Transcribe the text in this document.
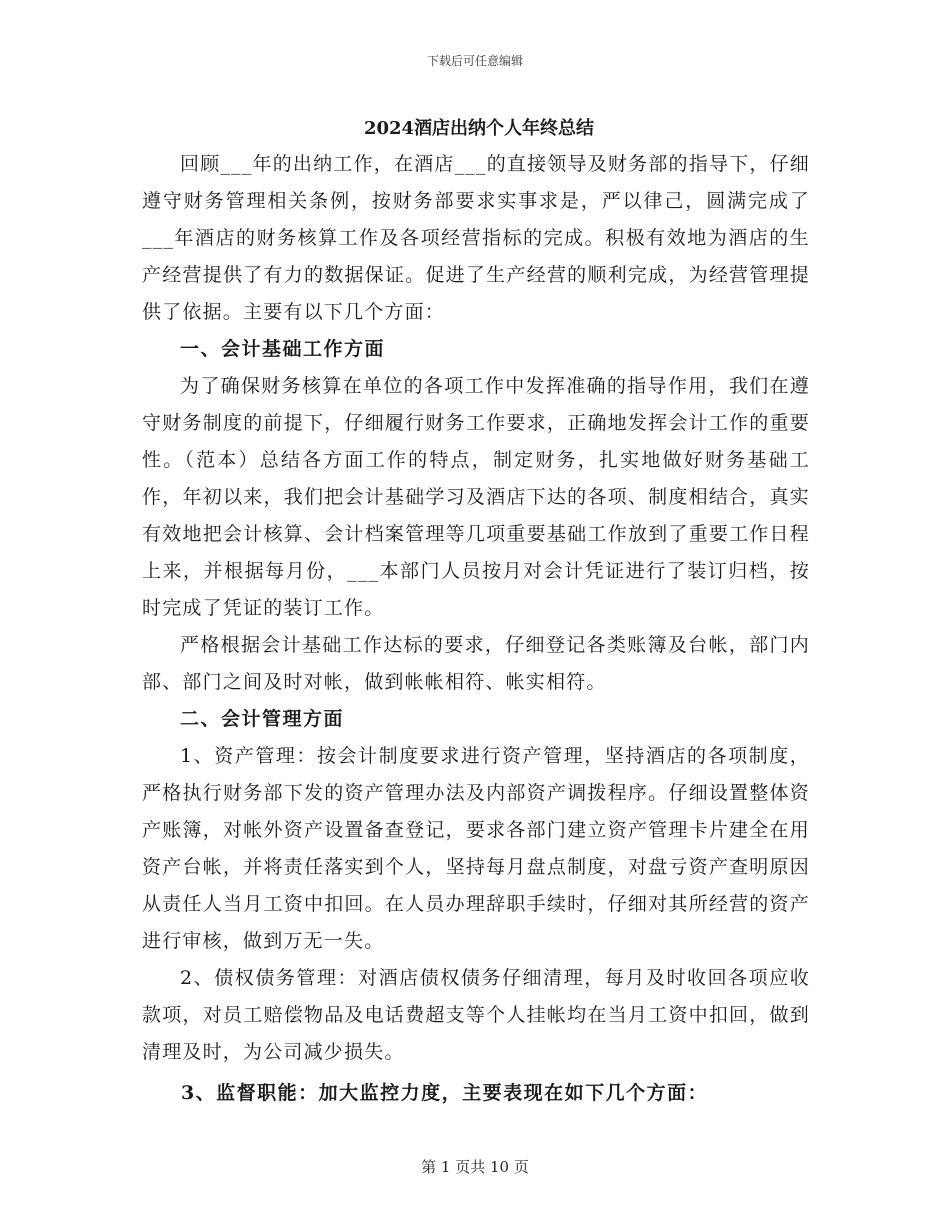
下载后可任意编辑
2024酒店出纳个人年终总结

回顾___年的出纳工作，在酒店___的直接领导及财务部的指导下，仔细遵守财务管理相关条例，按财务部要求实事求是，严以律己，圆满完成了___年酒店的财务核算工作及各项经营指标的完成。积极有效地为酒店的生产经营提供了有力的数据保证。促进了生产经营的顺利完成，为经营管理提供了依据。主要有以下几个方面：

一、会计基础工作方面

为了确保财务核算在单位的各项工作中发挥准确的指导作用，我们在遵守财务制度的前提下，仔细履行财务工作要求，正确地发挥会计工作的重要性。（范本）总结各方面工作的特点，制定财务，扎实地做好财务基础工作，年初以来，我们把会计基础学习及酒店下达的各项、制度相结合，真实有效地把会计核算、会计档案管理等几项重要基础工作放到了重要工作日程上来，并根据每月份，___本部门人员按月对会计凭证进行了装订归档，按时完成了凭证的装订工作。

严格根据会计基础工作达标的要求，仔细登记各类账簿及台帐，部门内部、部门之间及时对帐，做到帐帐相符、帐实相符。

二、会计管理方面

1、资产管理：按会计制度要求进行资产管理，坚持酒店的各项制度，严格执行财务部下发的资产管理办法及内部资产调拨程序。仔细设置整体资产账簿，对帐外资产设置备查登记，要求各部门建立资产管理卡片建全在用资产台帐，并将责任落实到个人，坚持每月盘点制度，对盘亏资产查明原因从责任人当月工资中扣回。在人员办理辞职手续时，仔细对其所经营的资产进行审核，做到万无一失。

2、债权债务管理：对酒店债权债务仔细清理，每月及时收回各项应收款项，对员工赔偿物品及电话费超支等个人挂帐均在当月工资中扣回，做到清理及时，为公司减少损失。

3、监督职能：加大监控力度，主要表现在如下几个方面：

第 1 页共 10 页
